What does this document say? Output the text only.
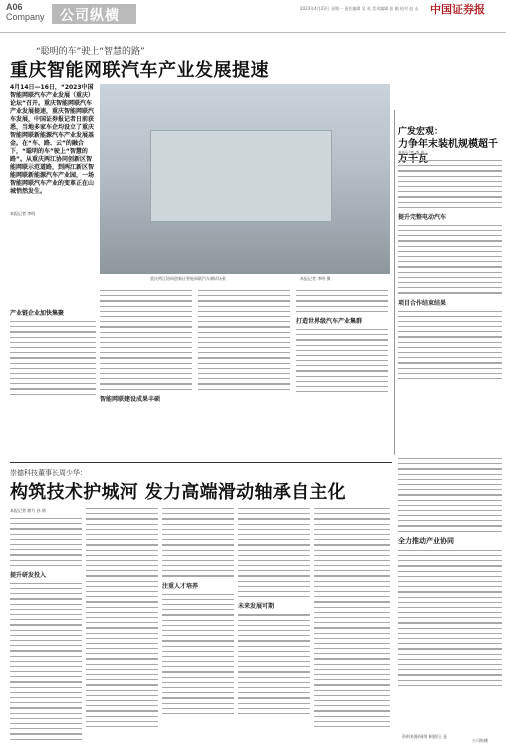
A06
Company 公司纵横	2023年4月23日 星期一 责任编辑 吴 英 美术编辑 张 颖 校对 赵 永 中国证券报
“聪明的车”驶上“智慧的路”
重庆智能网联汽车产业发展提速
4月14日—16日，“2023中国智能网联汽车产业发展（重庆）论坛”召开。重庆智能网联汽车产业发展提速，重庆智能网联汽车发展，中国证券报记者日前获悉，当地多家车企均设立了重庆智能网联新能源汽车产业发展基金。在“车、路、云”的融合下，“聪明的车”驶上“智慧的路”。从重庆两江协同创新区智能网联示范道路，到两江新区智能网联新能源汽车产业园，一场智能网联汽车产业的变革正在山城悄然发生。
本报记者 李明
重庆两江协同创新区智能网联汽车测试场景	本报记者 李明 摄
产业链企业加快集聚
智能网联建设成果丰硕
打造世界级汽车产业集群
广发宏观：
力争年末装机规模超千
本报记者 李 宸
提升完整电动汽车
项目合作结束结果
崇德科技董事长周少华：
构筑技术护城河 发力高端滑动轴承自主化
本报记者 徐月 孙 倩
提升研发投入
注重人才培养
未来发展可期
全力推动产业协同
资料来源/网络 制图/王 征
公司纵横
